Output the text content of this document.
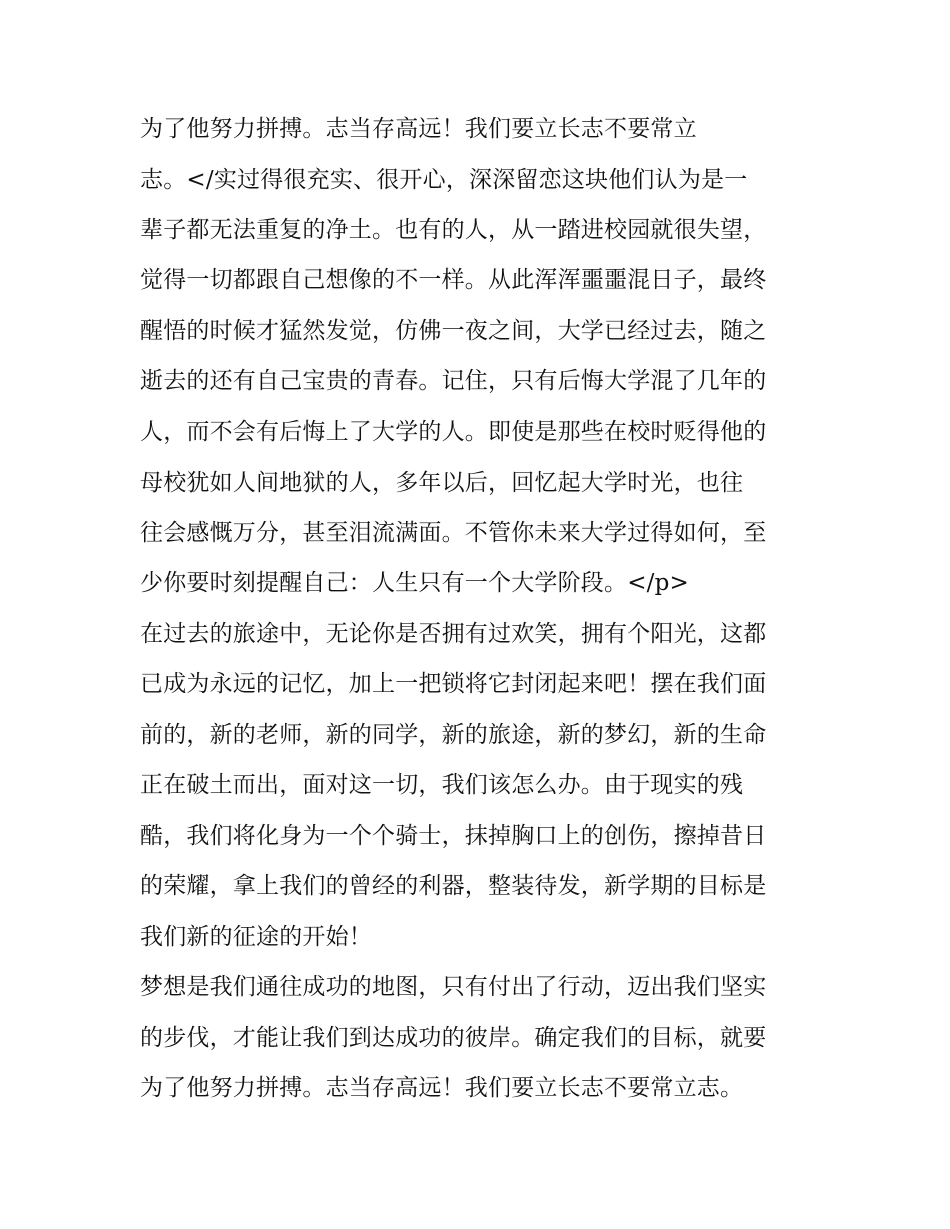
为了他努力拼搏。志当存高远！我们要立长志不要常立
志。</实过得很充实、很开心，深深留恋这块他们认为是一
辈子都无法重复的净土。也有的人，从一踏进校园就很失望，
觉得一切都跟自己想像的不一样。从此浑浑噩噩混日子，最终
醒悟的时候才猛然发觉，仿佛一夜之间，大学已经过去，随之
逝去的还有自己宝贵的青春。记住，只有后悔大学混了几年的
人，而不会有后悔上了大学的人。即使是那些在校时贬得他的
母校犹如人间地狱的人，多年以后，回忆起大学时光，也往
往会感慨万分，甚至泪流满面。不管你未来大学过得如何，至
少你要时刻提醒自己：人生只有一个大学阶段。</p>
在过去的旅途中，无论你是否拥有过欢笑，拥有个阳光，这都
已成为永远的记忆，加上一把锁将它封闭起来吧！摆在我们面
前的，新的老师，新的同学，新的旅途，新的梦幻，新的生命
正在破土而出，面对这一切，我们该怎么办。由于现实的残
酷，我们将化身为一个个骑士，抹掉胸口上的创伤，擦掉昔日
的荣耀，拿上我们的曾经的利器，整装待发，新学期的目标是
我们新的征途的开始！
梦想是我们通往成功的地图，只有付出了行动，迈出我们坚实
的步伐，才能让我们到达成功的彼岸。确定我们的目标，就要
为了他努力拼搏。志当存高远！我们要立长志不要常立志。
